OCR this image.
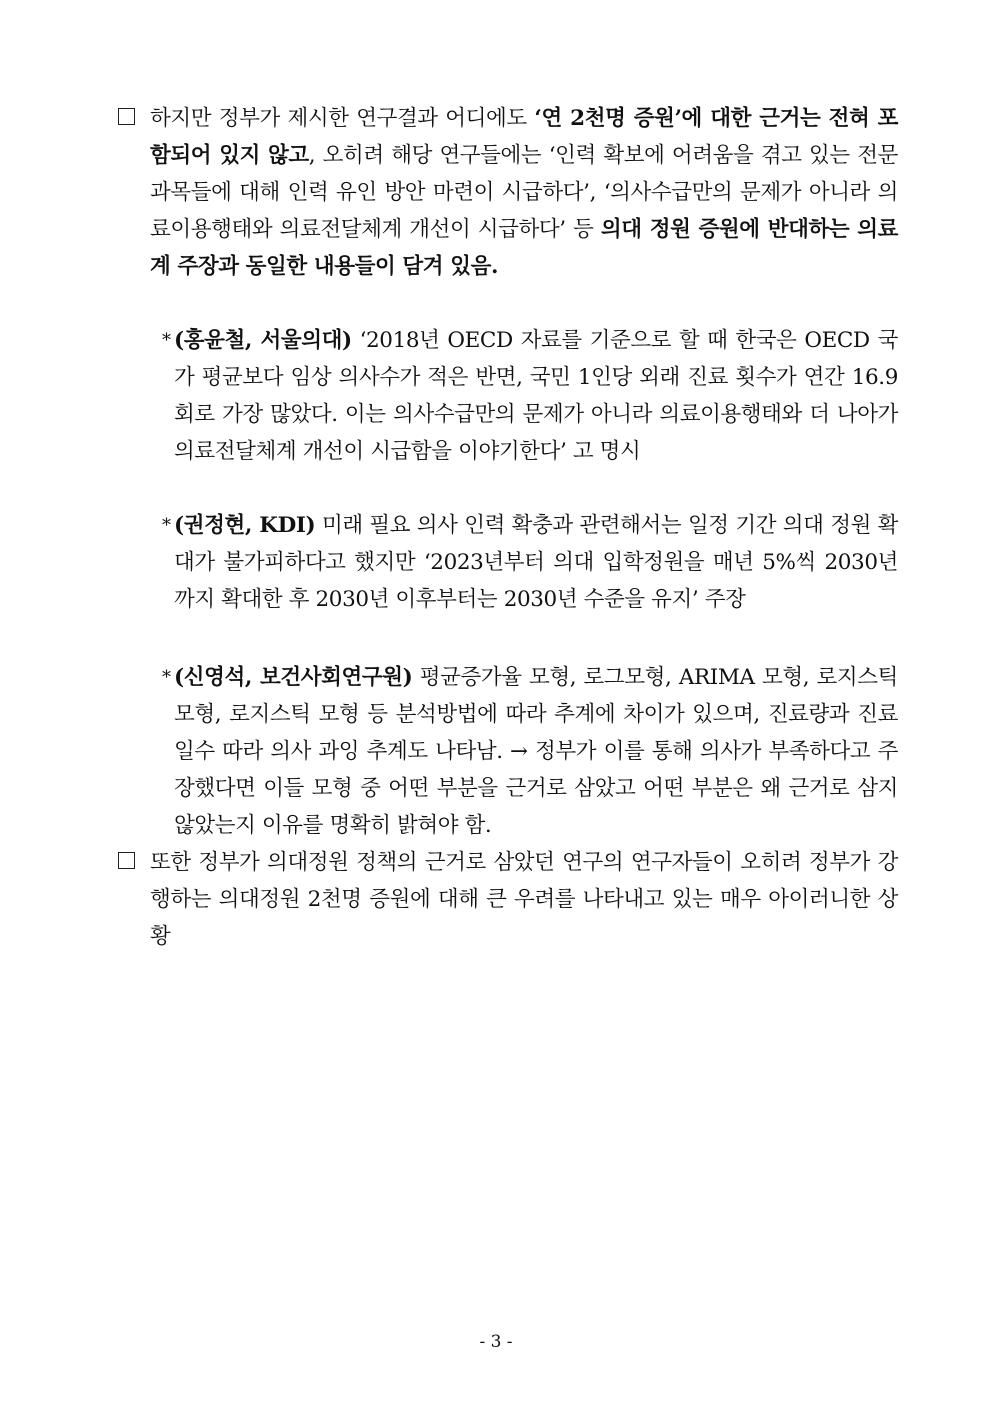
하지만 정부가 제시한 연구결과 어디에도 ‘연 2천명 증원’에 대한 근거는 전혀 포함되어 있지 않고, 오히려 해당 연구들에는 ‘인력 확보에 어려움을 겪고 있는 전문과목들에 대해 인력 유인 방안 마련이 시급하다’, ‘의사수급만의 문제가 아니라 의료이용행태와 의료전달체계 개선이 시급하다’ 등 의대 정원 증원에 반대하는 의료계 주장과 동일한 내용들이 담겨 있음.
* (홍윤철, 서울의대) ‘2018년 OECD 자료를 기준으로 할 때 한국은 OECD 국가 평균보다 임상 의사수가 적은 반면, 국민 1인당 외래 진료 횟수가 연간 16.9회로 가장 많았다. 이는 의사수급만의 문제가 아니라 의료이용행태와 더 나아가 의료전달체계 개선이 시급함을 이야기한다’ 고 명시
* (권정현, KDI) 미래 필요 의사 인력 확충과 관련해서는 일정 기간 의대 정원 확대가 불가피하다고 했지만 ‘2023년부터 의대 입학정원을 매년 5%씩 2030년까지 확대한 후 2030년 이후부터는 2030년 수준을 유지’ 주장
* (신영석, 보건사회연구원) 평균증가율 모형, 로그모형, ARIMA 모형, 로지스틱 모형, 로지스틱 모형 등 분석방법에 따라 추계에 차이가 있으며, 진료량과 진료일수 따라 의사 과잉 추계도 나타남. → 정부가 이를 통해 의사가 부족하다고 주장했다면 이들 모형 중 어떤 부분을 근거로 삼았고 어떤 부분은 왜 근거로 삼지 않았는지 이유를 명확히 밝혀야 함.
또한 정부가 의대정원 정책의 근거로 삼았던 연구의 연구자들이 오히려 정부가 강행하는 의대정원 2천명 증원에 대해 큰 우려를 나타내고 있는 매우 아이러니한 상황
- 3 -
